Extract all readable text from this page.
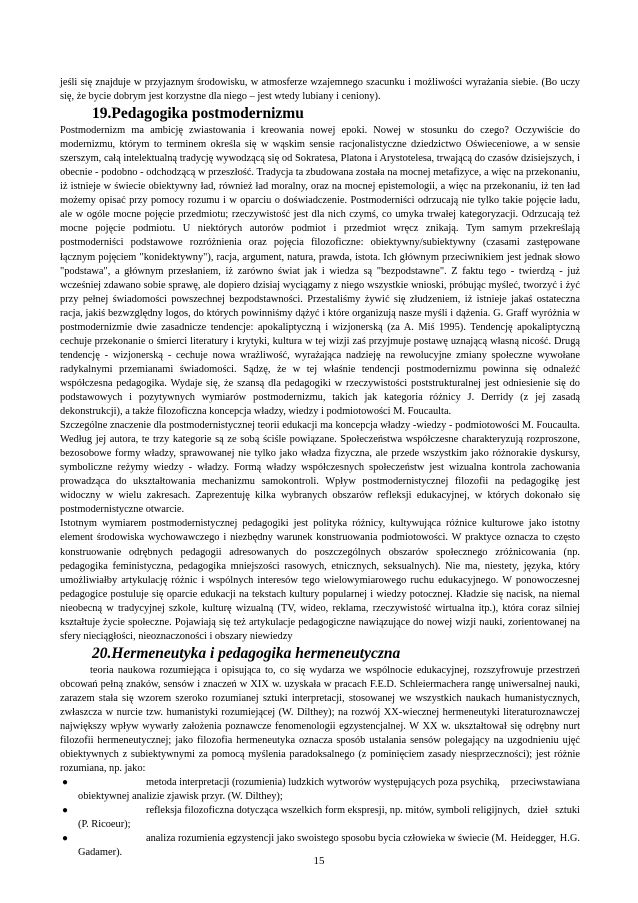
jeśli się znajduje w przyjaznym środowisku, w atmosferze wzajemnego szacunku i możliwości wyrażania siebie. (Bo uczy się, że bycie dobrym jest korzystne dla niego – jest wtedy lubiany i ceniony).

19.Pedagogika postmodernizmu

Postmodernizm ma ambicję zwiastowania i kreowania nowej epoki. Nowej w stosunku do czego? Oczywiście do modernizmu, którym to terminem określa się w wąskim sensie racjonalistyczne dziedzictwo Oświeceniowe, a w sensie szerszym, całą intelektualną tradycję wywodzącą się od Sokratesa, Platona i Arystotelesa, trwającą do czasów dzisiejszych, i obecnie - podobno - odchodzącą w przeszłość. Tradycja ta zbudowana została na mocnej metafizyce, a więc na przekonaniu, iż istnieje w świecie obiektywny ład, również ład moralny, oraz na mocnej epistemologii, a więc na przekonaniu, iż ten ład możemy opisać przy pomocy rozumu i w oparciu o doświadczenie. Postmoderniści odrzucają nie tylko takie pojęcie ładu, ale w ogóle mocne pojęcie przedmiotu; rzeczywistość jest dla nich czymś, co umyka trwałej kategoryzacji. Odrzucają też mocne pojęcie podmiotu. U niektórych autorów podmiot i przedmiot wręcz znikają. Tym samym przekreślają postmoderniści podstawowe rozróżnienia oraz pojęcia filozoficzne: obiektywny/subiektywny (czasami zastępowane łącznym pojęciem "konidektywny"), racja, argument, natura, prawda, istota. Ich głównym przeciwnikiem jest jednak słowo "podstawa", a głównym przesłaniem, iż zarówno świat jak i wiedza są "bezpodstawne". Z faktu tego - twierdzą - już wcześniej zdawano sobie sprawę, ale dopiero dzisiaj wyciągamy z niego wszystkie wnioski, próbując myśleć, tworzyć i żyć przy pełnej świadomości powszechnej bezpodstawności. Przestaliśmy żywić się złudzeniem, iż istnieje jakaś ostateczna racja, jakiś bezwzględny logos, do których powinniśmy dążyć i które organizują nasze myśli i dążenia. G. Graff wyróżnia w postmodernizmie dwie zasadnicze tendencje: apokaliptyczną i wizjonerską (za A. Miś 1995). Tendencję apokaliptyczną cechuje przekonanie o śmierci literatury i krytyki, kultura w tej wizji zaś przyjmuje postawę uznającą własną nicość. Drugą tendencję - wizjonerską - cechuje nowa wrażliwość, wyrażająca nadzieję na rewolucyjne zmiany społeczne wywołane radykalnymi przemianami świadomości. Sądzę, że w tej właśnie tendencji postmodernizmu powinna się odnaleźć współczesna pedagogika. Wydaje się, że szansą dla pedagogiki w rzeczywistości poststrukturalnej jest odniesienie się do podstawowych i pozytywnych wymiarów postmodernizmu, takich jak kategoria różnicy J. Derridy (z jej zasadą dekonstrukcji), a także filozoficzna koncepcja władzy, wiedzy i podmiotowości M. Foucaulta.

Szczególne znaczenie dla postmodernistycznej teorii edukacji ma koncepcja władzy -wiedzy - podmiotowości M. Foucaulta. Według jej autora, te trzy kategorie są ze sobą ściśle powiązane. Społeczeństwa współczesne charakteryzują rozproszone, bezosobowe formy władzy, sprawowanej nie tylko jako władza fizyczna, ale przede wszystkim jako różnorakie dyskursy, symboliczne reżymy wiedzy - władzy. Formą władzy współczesnych społeczeństw jest wizualna kontrola zachowania prowadząca do ukształtowania mechanizmu samokontroli. Wpływ postmodernistycznej filozofii na pedagogikę jest widoczny w wielu zakresach. Zaprezentuję kilka wybranych obszarów refleksji edukacyjnej, w których dokonało się postmodernistyczne otwarcie.

Istotnym wymiarem postmodernistycznej pedagogiki jest polityka różnicy, kultywująca różnice kulturowe jako istotny element środowiska wychowawczego i niezbędny warunek konstruowania podmiotowości. W praktyce oznacza to często konstruowanie odrębnych pedagogii adresowanych do poszczególnych obszarów społecznego zróżnicowania (np. pedagogika feministyczna, pedagogika mniejszości rasowych, etnicznych, seksualnych). Nie ma, niestety, języka, który umożliwiałby artykulację różnic i wspólnych interesów tego wielowymiarowego ruchu edukacyjnego. W ponowoczesnej pedagogice postuluje się oparcie edukacji na tekstach kultury popularnej i wiedzy potocznej. Kładzie się nacisk, na niemal nieobecną w tradycyjnej szkole, kulturę wizualną (TV, wideo, reklama, rzeczywistość wirtualna itp.), która coraz silniej kształtuje życie społeczne. Pojawiają się też artykulacje pedagogiczne nawiązujące do nowej wizji nauki, zorientowanej na sfery nieciągłości, nieoznaczoności i obszary niewiedzy

20.Hermeneutyka i pedagogika hermeneutyczna

teoria naukowa rozumiejąca i opisująca to, co się wydarza we wspólnocie edukacyjnej, rozszyfrowuje przestrzeń obcowań pełną znaków, sensów i znaczeń w XIX w. uzyskała w pracach F.E.D. Schleiermachera rangę uniwersalnej nauki, zarazem stała się wzorem szeroko rozumianej sztuki interpretacji, stosowanej we wszystkich naukach humanistycznych, zwłaszcza w nurcie tzw. humanistyki rozumiejącej (W. Dilthey); na rozwój XX-wiecznej hermeneutyki literaturoznawczej największy wpływ wywarły założenia poznawcze fenomenologii egzystencjalnej. W XX w. ukształtował się odrębny nurt filozofii hermeneutycznej; jako filozofia hermeneutyka oznacza sposób ustalania sensów polegający na uzgodnieniu ujęć obiektywnych z subiektywnymi za pomocą myślenia paradoksalnego (z pominięciem zasady niesprzeczności); jest różnie rozumiana, np. jako:

●	metoda interpretacji (rozumienia) ludzkich wytworów występujących poza psychiką, przeciwstawiana obiektywnej analizie zjawisk przyr. (W. Dilthey);
●	refleksja filozoficzna dotycząca wszelkich form ekspresji, np. mitów, symboli religijnych, dzieł sztuki (P. Ricoeur);
●	analiza rozumienia egzystencji jako swoistego sposobu bycia człowieka w świecie (M. Heidegger, H.G. Gadamer).
15
